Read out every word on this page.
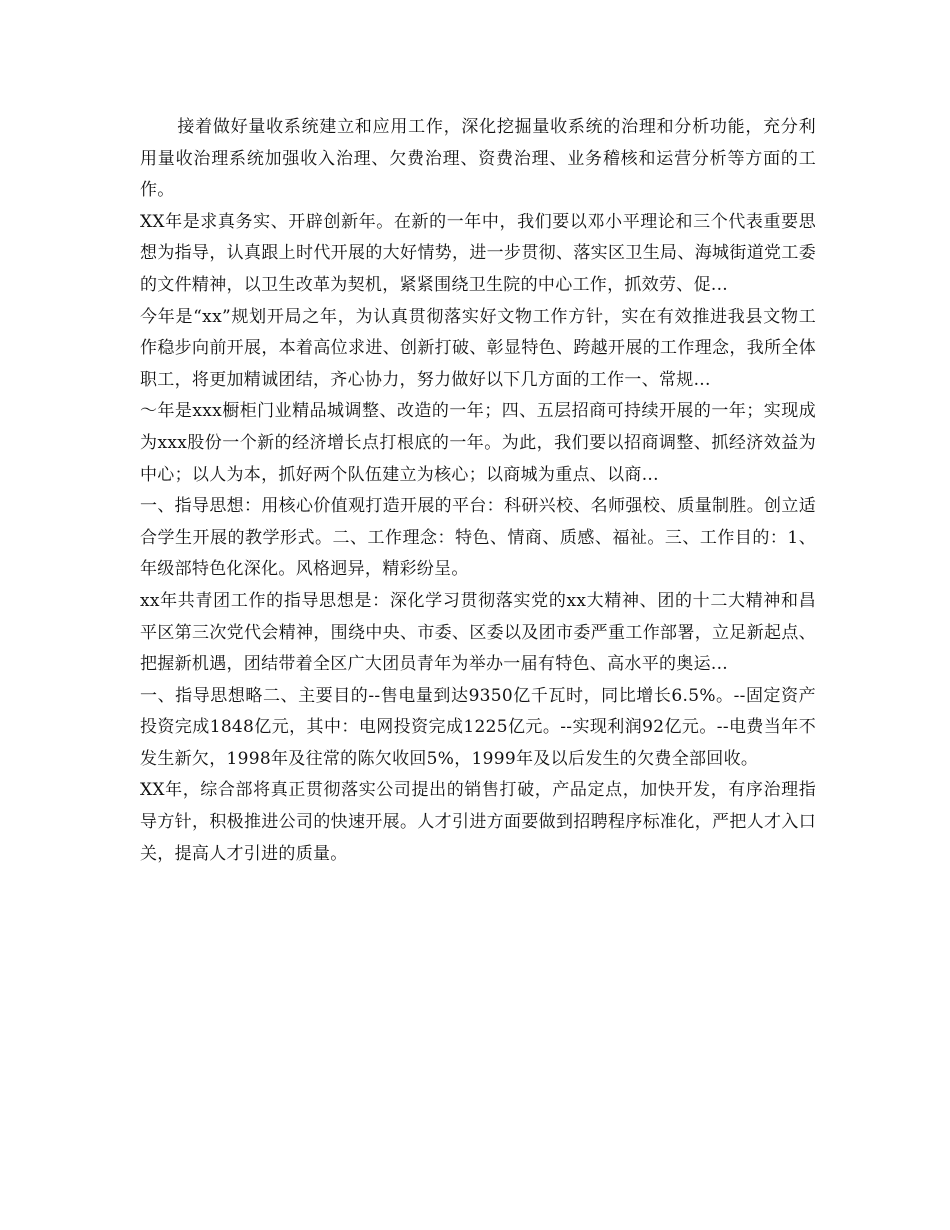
接着做好量收系统建立和应用工作，深化挖掘量收系统的治理和分析功能，充分利用量收治理系统加强收入治理、欠费治理、资费治理、业务稽核和运营分析等方面的工作。

XX年是求真务实、开辟创新年。在新的一年中，我们要以邓小平理论和三个代表重要思想为指导，认真跟上时代开展的大好情势，进一步贯彻、落实区卫生局、海城街道党工委的文件精神，以卫生改革为契机，紧紧围绕卫生院的中心工作，抓效劳、促...

今年是“xx”规划开局之年，为认真贯彻落实好文物工作方针，实在有效推进我县文物工作稳步向前开展，本着高位求进、创新打破、彰显特色、跨越开展的工作理念，我所全体职工，将更加精诚团结，齐心协力，努力做好以下几方面的工作一、常规...

～年是xxx橱柜门业精品城调整、改造的一年；四、五层招商可持续开展的一年；实现成为xxx股份一个新的经济增长点打根底的一年。为此，我们要以招商调整、抓经济效益为中心；以人为本，抓好两个队伍建立为核心；以商城为重点、以商...

一、指导思想：用核心价值观打造开展的平台：科研兴校、名师强校、质量制胜。创立适合学生开展的教学形式。二、工作理念：特色、情商、质感、福祉。三、工作目的：1、年级部特色化深化。风格迥异，精彩纷呈。

xx年共青团工作的指导思想是：深化学习贯彻落实党的xx大精神、团的十二大精神和昌平区第三次党代会精神，围绕中央、市委、区委以及团市委严重工作部署，立足新起点、把握新机遇，团结带着全区广大团员青年为举办一届有特色、高水平的奥运...

一、指导思想略二、主要目的--售电量到达9350亿千瓦时，同比增长6.5%。--固定资产投资完成1848亿元，其中：电网投资完成1225亿元。--实现利润92亿元。--电费当年不发生新欠，1998年及往常的陈欠收回5%，1999年及以后发生的欠费全部回收。

XX年，综合部将真正贯彻落实公司提出的销售打破，产品定点，加快开发，有序治理指导方针，积极推进公司的快速开展。人才引进方面要做到招聘程序标准化，严把人才入口关，提高人才引进的质量。
